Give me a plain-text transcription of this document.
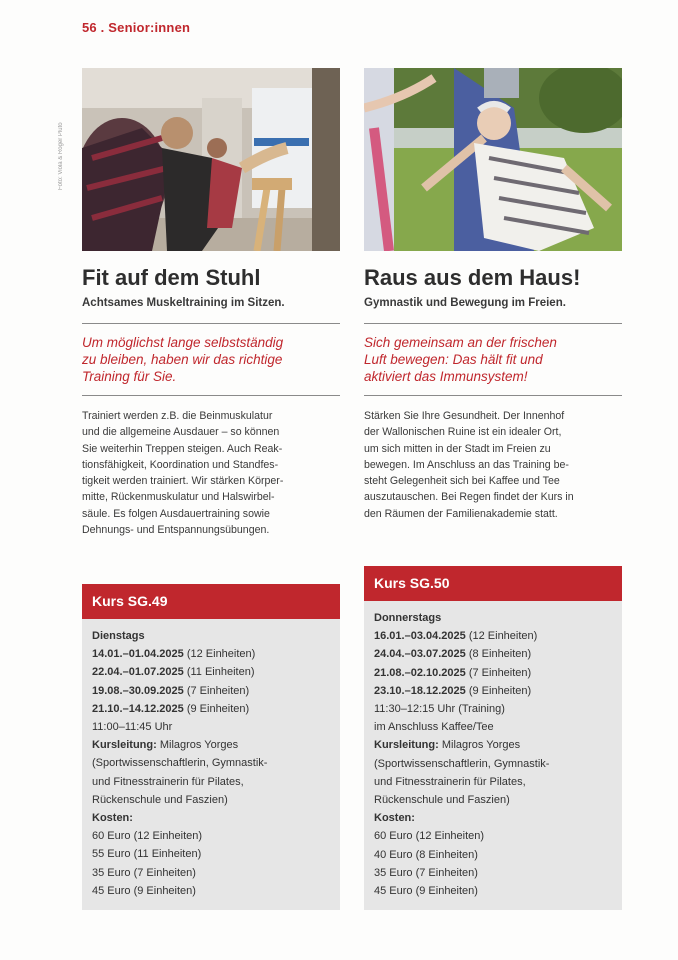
56 . Senior:innen
Foto: Viola & Roger Pluto
Fit auf dem Stuhl
Achtsames Muskeltraining im Sitzen.
Um möglichst lange selbstständig
zu bleiben, haben wir das richtige
Training für Sie.
Trainiert werden z.B. die Beinmuskulatur
und die allgemeine Ausdauer – so können
Sie weiterhin Treppen steigen. Auch Reak-
tionsfähigkeit, Koordination und Standfes-
tigkeit werden trainiert. Wir stärken Körper-
mitte, Rückenmuskulatur und Halswirbel-
säule. Es folgen Ausdauertraining sowie
Dehnungs- und Entspannungsübungen.
Kurs SG.49
Dienstags
14.01.–01.04.2025 (12 Einheiten)
22.04.–01.07.2025 (11 Einheiten)
19.08.–30.09.2025 (7 Einheiten)
21.10.–14.12.2025 (9 Einheiten)
11:00–11:45 Uhr
Kursleitung: Milagros Yorges
(Sportwissenschaftlerin, Gymnastik-
und Fitnesstrainerin für Pilates,
Rückenschule und Faszien)
Kosten:
60 Euro (12 Einheiten)
55 Euro (11 Einheiten)
35 Euro (7 Einheiten)
45 Euro (9 Einheiten)
Raus aus dem Haus!
Gymnastik und Bewegung im Freien.
Sich gemeinsam an der frischen
Luft bewegen: Das hält fit und
aktiviert das Immunsystem!
Stärken Sie Ihre Gesundheit. Der Innenhof
der Wallonischen Ruine ist ein idealer Ort,
um sich mitten in der Stadt im Freien zu
bewegen. Im Anschluss an das Training be-
steht Gelegenheit sich bei Kaffee und Tee
auszutauschen. Bei Regen findet der Kurs in
den Räumen der Familienakademie statt.
Kurs SG.50
Donnerstags
16.01.–03.04.2025 (12 Einheiten)
24.04.–03.07.2025 (8 Einheiten)
21.08.–02.10.2025 (7 Einheiten)
23.10.–18.12.2025 (9 Einheiten)
11:30–12:15 Uhr (Training)
im Anschluss Kaffee/Tee
Kursleitung: Milagros Yorges
(Sportwissenschaftlerin, Gymnastik-
und Fitnesstrainerin für Pilates,
Rückenschule und Faszien)
Kosten:
60 Euro (12 Einheiten)
40 Euro (8 Einheiten)
35 Euro (7 Einheiten)
45 Euro (9 Einheiten)
